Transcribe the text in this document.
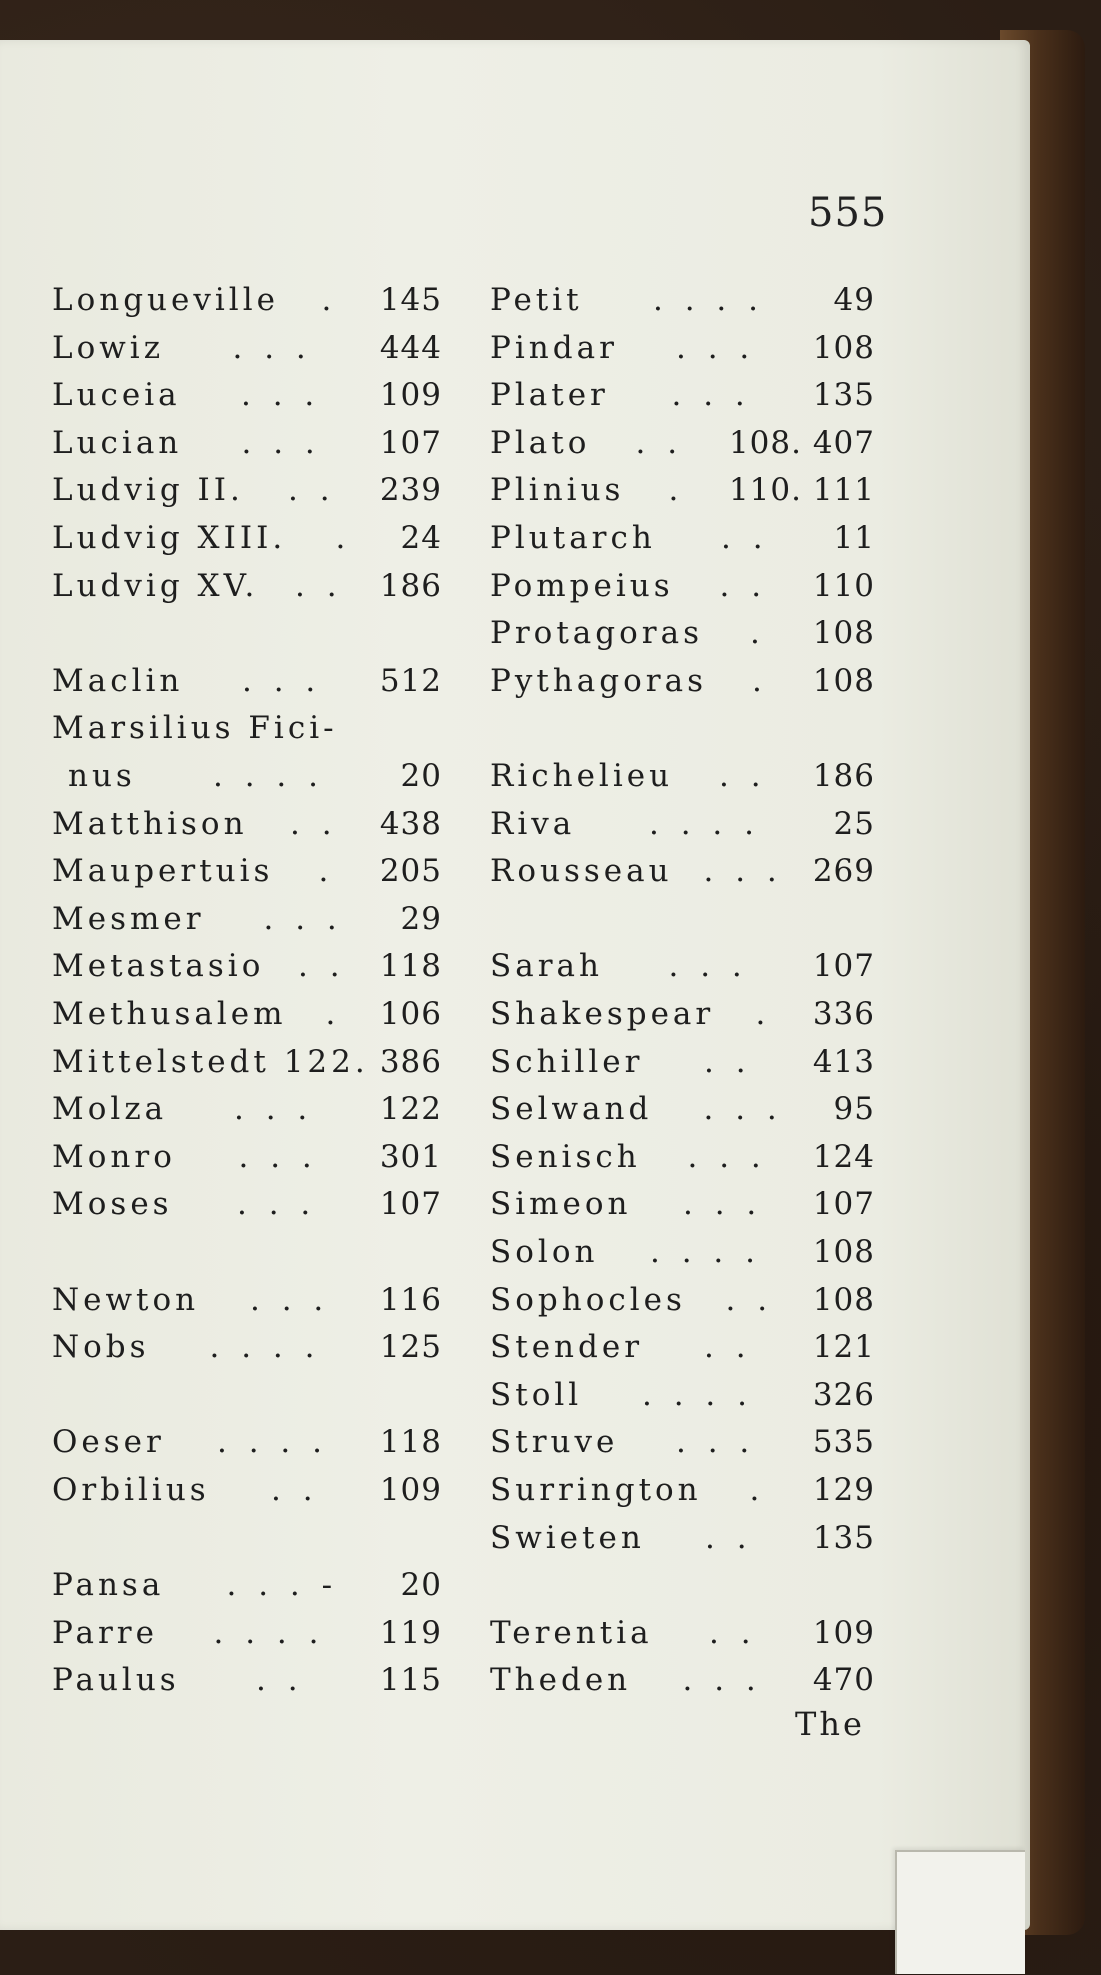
555
Longueville . 145
Lowiz . . . 444
Luceia . . . 109
Lucian . . . 107
Ludvig II. . . 239
Ludvig XIII. . 24
Ludvig XV. . . 186
Maclin . . . 512
Marsilius Fici-
nus . . . . 20
Matthison . . 438
Maupertuis . 205
Mesmer . . . 29
Metastasio . . 118
Methusalem . 106
Mittelstedt 122. 386
Molza . . . 122
Monro . . . 301
Moses . . . 107
Newton . . . 116
Nobs . . . . 125
Oeser . . . . 118
Orbilius . . 109
Pansa . . . - 20
Parre . . . . 119
Paulus . . 115
Petit . . . . 49
Pindar . . . 108
Plater . . . 135
Plato . . 108. 407
Plinius . 110. 111
Plutarch . . 11
Pompeius . . 110
Protagoras . 108
Pythagoras . 108
Richelieu . . 186
Riva . . . . 25
Rousseau . . . 269
Sarah . . . 107
Shakespear . 336
Schiller . . 413
Selwand . . . 95
Senisch . . . 124
Simeon . . . 107
Solon . . . . 108
Sophocles . . 108
Stender . . 121
Stoll . . . . 326
Struve . . . 535
Surrington . 129
Swieten . . 135
Terentia . . 109
Theden . . . 470
The
